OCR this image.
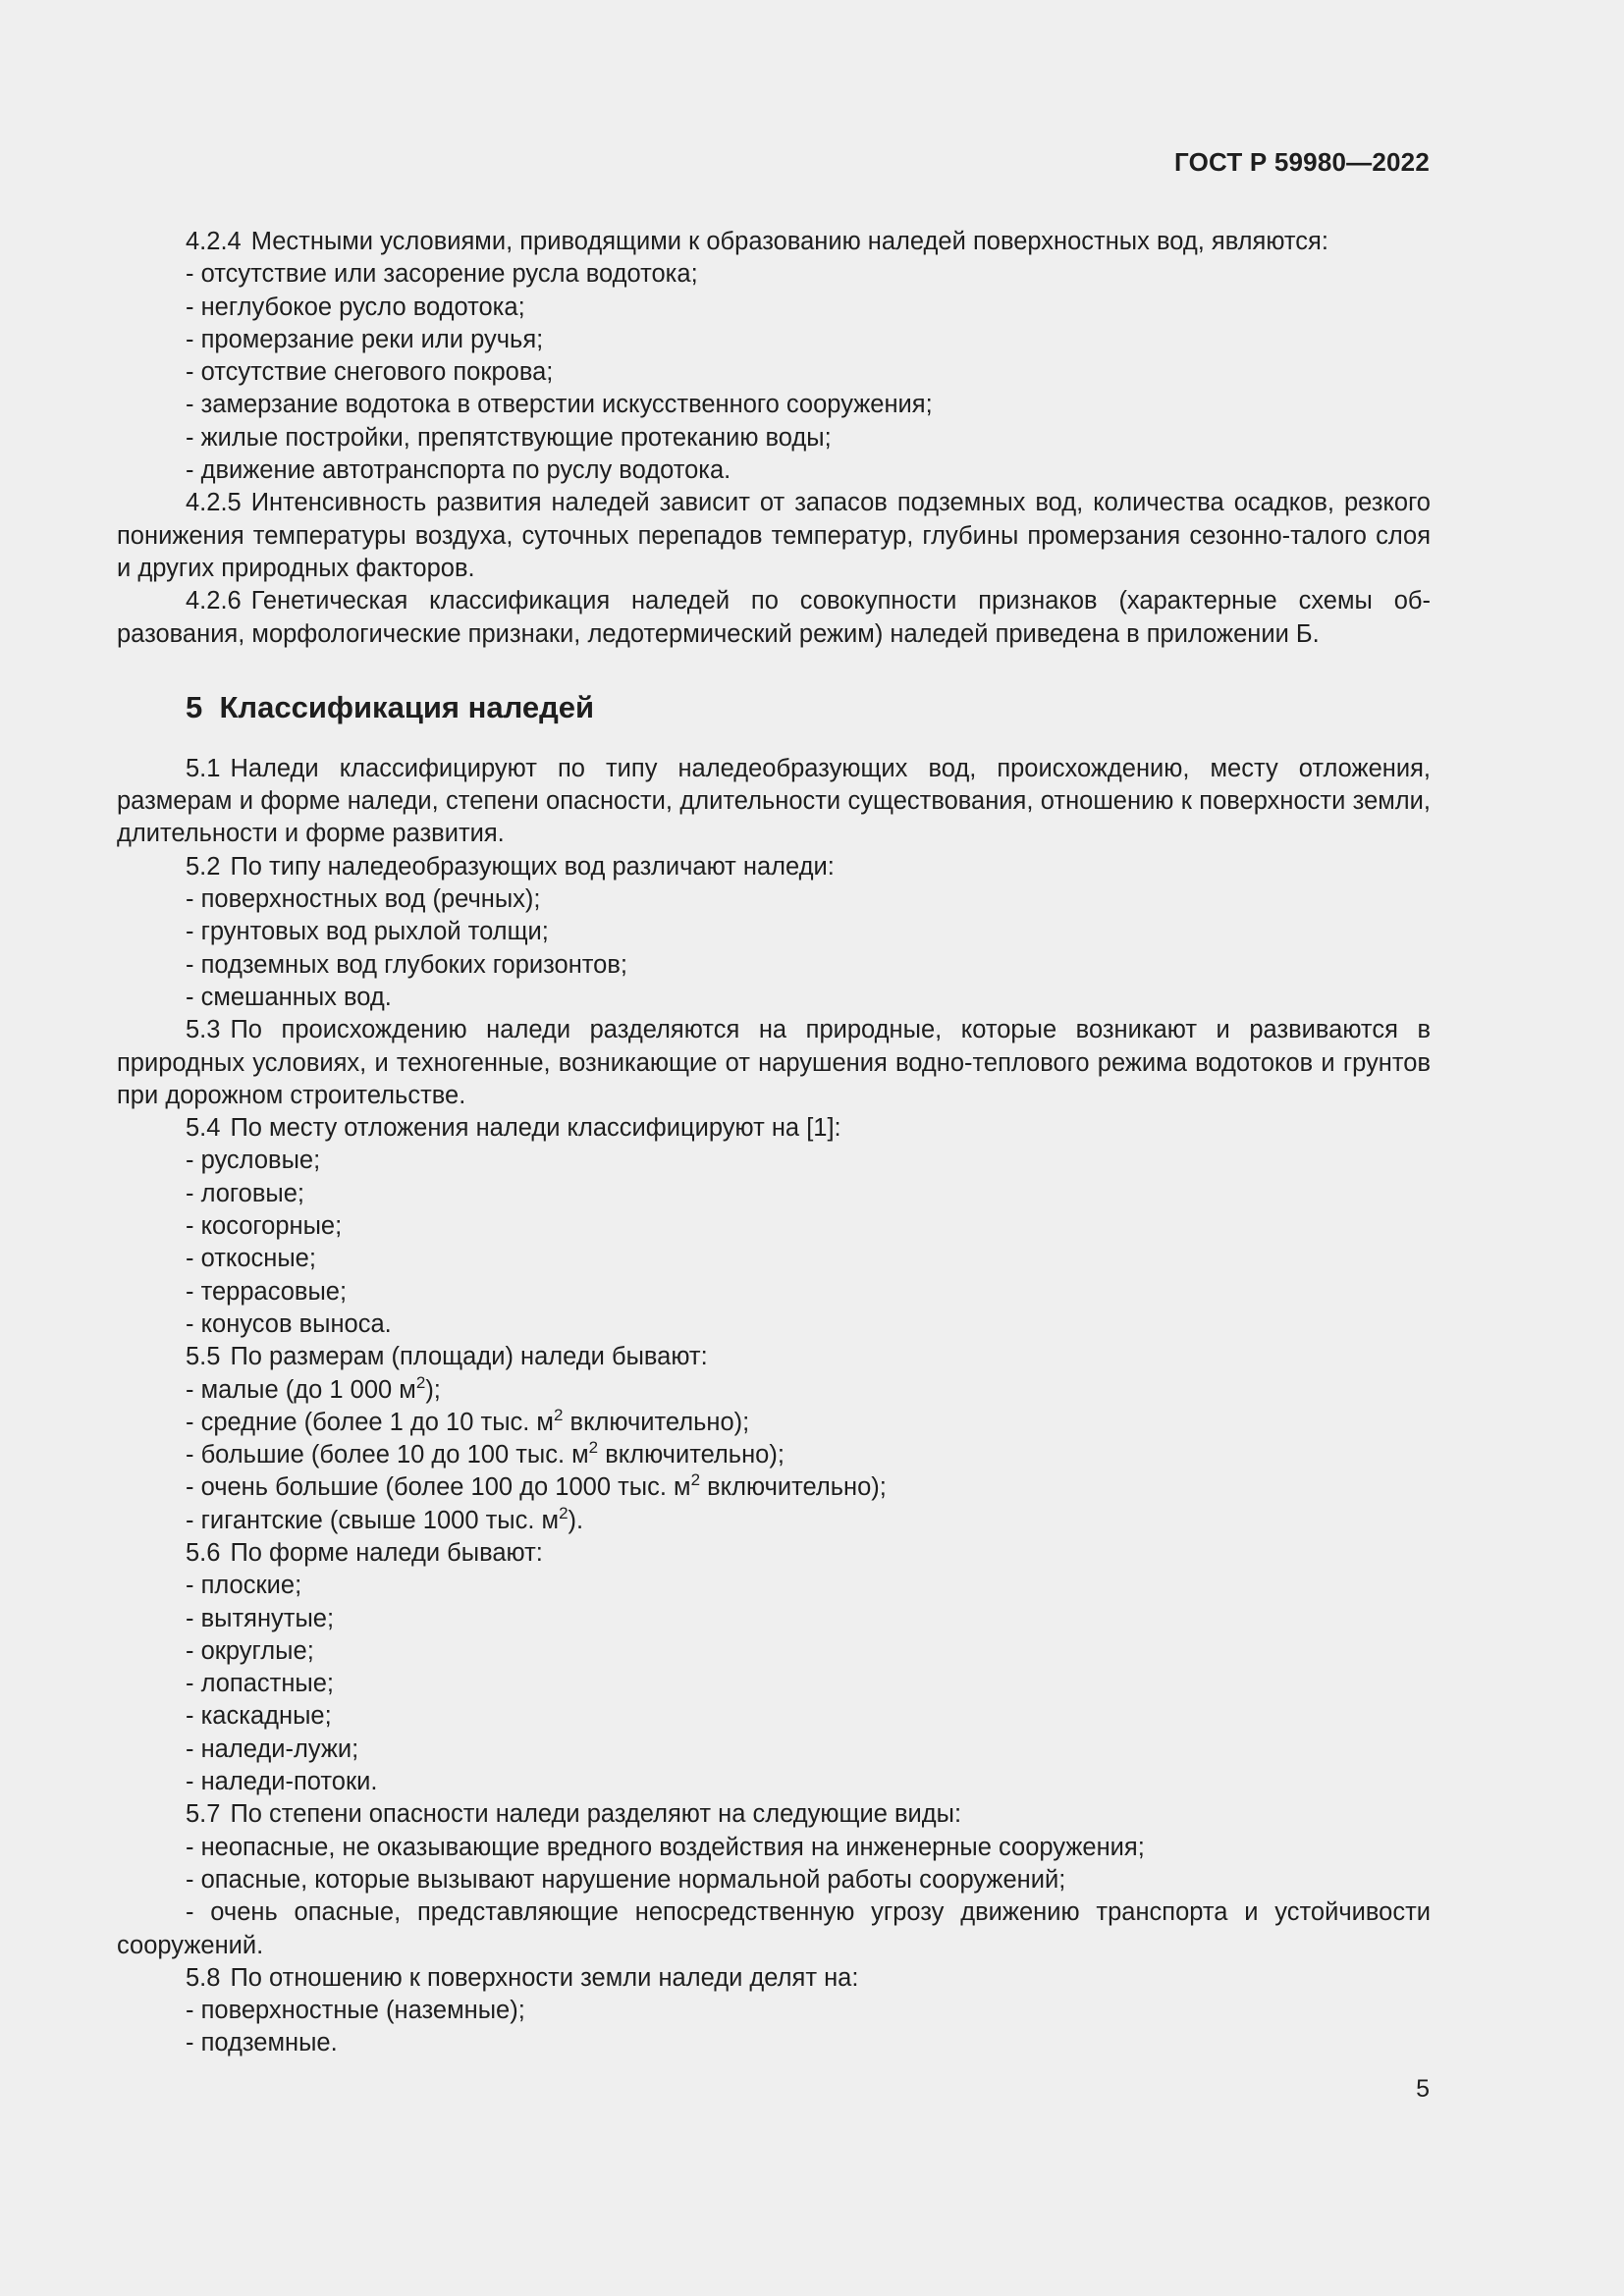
ГОСТ Р 59980—2022

4.2.4 Местными условиями, приводящими к образованию наледей поверхностных вод, являются:

- отсутствие или засорение русла водотока;

- неглубокое русло водотока;

- промерзание реки или ручья;

- отсутствие снегового покрова;

- замерзание водотока в отверстии искусственного сооружения;

- жилые постройки, препятствующие протеканию воды;

- движение автотранспорта по руслу водотока.

4.2.5 Интенсивность развития наледей зависит от запасов подземных вод, количества осадков, резкого понижения температуры воздуха, суточных перепадов температур, глубины промерзания сезонно-талого слоя и других природных факторов.

4.2.6 Генетическая классификация наледей по совокупности признаков (характерные схемы образования, морфологические признаки, ледотермический режим) наледей приведена в приложении Б.

5 Классификация наледей

5.1 Наледи классифицируют по типу наледеобразующих вод, происхождению, месту отложения, размерам и форме наледи, степени опасности, длительности существования, отношению к поверхности земли, длительности и форме развития.

5.2 По типу наледеобразующих вод различают наледи:

- поверхностных вод (речных);

- грунтовых вод рыхлой толщи;

- подземных вод глубоких горизонтов;

- смешанных вод.

5.3 По происхождению наледи разделяются на природные, которые возникают и развиваются в природных условиях, и техногенные, возникающие от нарушения водно-теплового режима водотоков и грунтов при дорожном строительстве.

5.4 По месту отложения наледи классифицируют на [1]:

- русловые;

- логовые;

- косогорные;

- откосные;

- террасовые;

- конусов выноса.

5.5 По размерам (площади) наледи бывают:

- малые (до 1 000 $м^2$);

- средние (более 1 до 10 тыс. $м^2$ включительно);

- большие (более 10 до 100 тыс. $м^2$ включительно);

- очень большие (более 100 до 1000 тыс. $м^2$ включительно);

- гигантские (свыше 1000 тыс. $м^2$).

5.6 По форме наледи бывают:

- плоские;

- вытянутые;

- округлые;

- лопастные;

- каскадные;

- наледи-лужи;

- наледи-потоки.

5.7 По степени опасности наледи разделяют на следующие виды:

- неопасные, не оказывающие вредного воздействия на инженерные сооружения;

- опасные, которые вызывают нарушение нормальной работы сооружений;

- очень опасные, представляющие непосредственную угрозу движению транспорта и устойчивости сооружений.

5.8 По отношению к поверхности земли наледи делят на:

- поверхностные (наземные);

- подземные.

5
